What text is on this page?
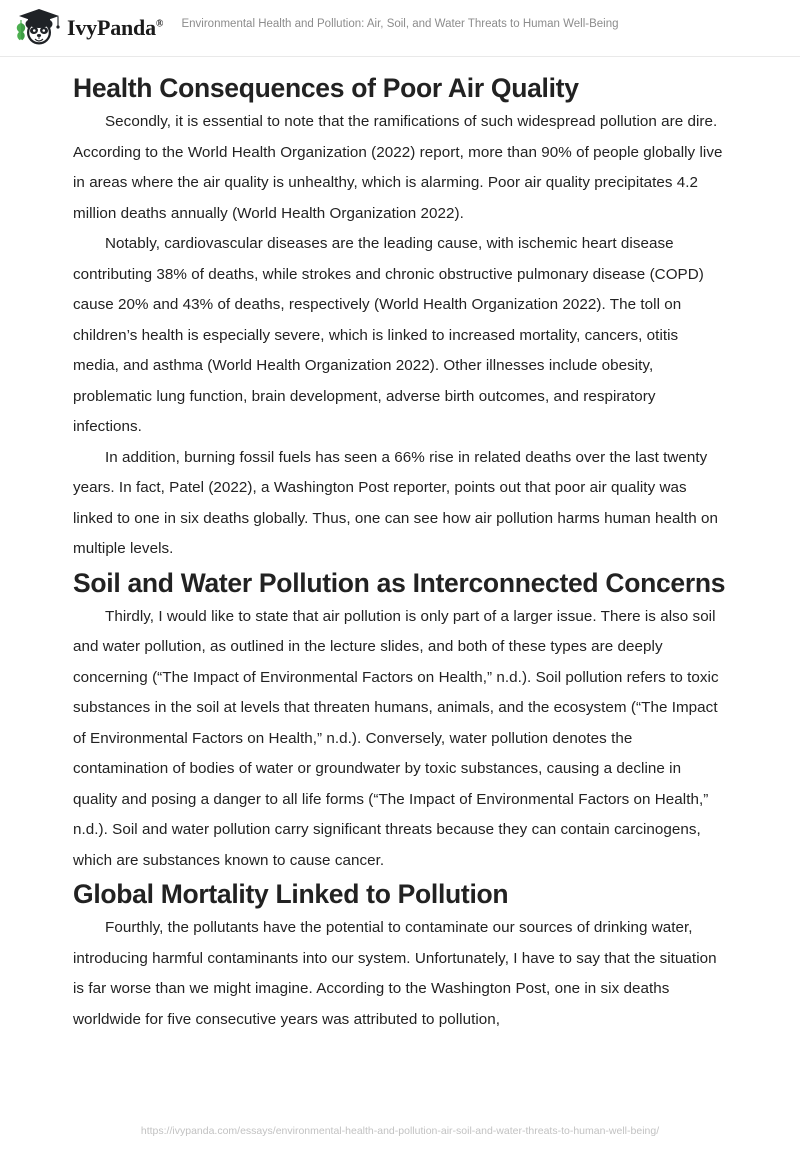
IvyPanda®	Environmental Health and Pollution: Air, Soil, and Water Threats to Human Well-Being
Health Consequences of Poor Air Quality

Secondly, it is essential to note that the ramifications of such widespread pollution are dire. According to the World Health Organization (2022) report, more than 90% of people globally live in areas where the air quality is unhealthy, which is alarming. Poor air quality precipitates 4.2 million deaths annually (World Health Organization 2022).

Notably, cardiovascular diseases are the leading cause, with ischemic heart disease contributing 38% of deaths, while strokes and chronic obstructive pulmonary disease (COPD) cause 20% and 43% of deaths, respectively (World Health Organization 2022). The toll on children’s health is especially severe, which is linked to increased mortality, cancers, otitis media, and asthma (World Health Organization 2022). Other illnesses include obesity, problematic lung function, brain development, adverse birth outcomes, and respiratory infections.

In addition, burning fossil fuels has seen a 66% rise in related deaths over the last twenty years. In fact, Patel (2022), a Washington Post reporter, points out that poor air quality was linked to one in six deaths globally. Thus, one can see how air pollution harms human health on multiple levels.

Soil and Water Pollution as Interconnected Concerns

Thirdly, I would like to state that air pollution is only part of a larger issue. There is also soil and water pollution, as outlined in the lecture slides, and both of these types are deeply concerning (“The Impact of Environmental Factors on Health,” n.d.). Soil pollution refers to toxic substances in the soil at levels that threaten humans, animals, and the ecosystem (“The Impact of Environmental Factors on Health,” n.d.). Conversely, water pollution denotes the contamination of bodies of water or groundwater by toxic substances, causing a decline in quality and posing a danger to all life forms (“The Impact of Environmental Factors on Health,” n.d.). Soil and water pollution carry significant threats because they can contain carcinogens, which are substances known to cause cancer.

Global Mortality Linked to Pollution

Fourthly, the pollutants have the potential to contaminate our sources of drinking water, introducing harmful contaminants into our system. Unfortunately, I have to say that the situation is far worse than we might imagine. According to the Washington Post, one in six deaths worldwide for five consecutive years was attributed to pollution,

https://ivypanda.com/essays/environmental-health-and-pollution-air-soil-and-water-threats-to-human-well-being/
